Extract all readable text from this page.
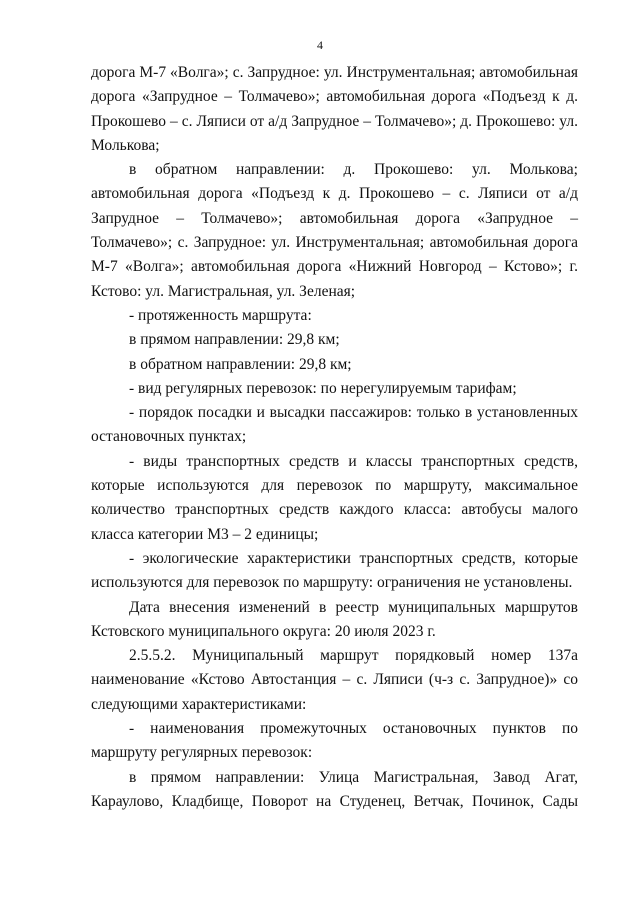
4

дорога М-7 «Волга»; с. Запрудное: ул. Инструментальная; автомобильная дорога «Запрудное – Толмачево»; автомобильная дорога «Подъезд к д. Прокошево – с. Ляписи от а/д Запрудное – Толмачево»; д. Прокошево: ул. Молькова;

в обратном направлении: д. Прокошево: ул. Молькова; автомобильная дорога «Подъезд к д. Прокошево – с. Ляписи от а/д Запрудное – Толмачево»; автомобильная дорога «Запрудное – Толмачево»; с. Запрудное: ул. Инструментальная; автомобильная дорога М-7 «Волга»; автомобильная дорога «Нижний Новгород – Кстово»; г. Кстово: ул. Магистральная, ул. Зеленая;

- протяженность маршрута:

в прямом направлении: 29,8 км;

в обратном направлении: 29,8 км;

- вид регулярных перевозок: по нерегулируемым тарифам;

- порядок посадки и высадки пассажиров: только в установленных остановочных пунктах;

- виды транспортных средств и классы транспортных средств, которые используются для перевозок по маршруту, максимальное количество транспортных средств каждого класса: автобусы малого класса категории М3 – 2 единицы;

- экологические характеристики транспортных средств, которые используются для перевозок по маршруту: ограничения не установлены.

Дата внесения изменений в реестр муниципальных маршрутов Кстовского муниципального округа: 20 июля 2023 г.

2.5.5.2. Муниципальный маршрут порядковый номер 137а наименование «Кстово Автостанция – с. Ляписи (ч-з с. Запрудное)» со следующими характеристиками:

- наименования промежуточных остановочных пунктов по маршруту регулярных перевозок:

в прямом направлении: Улица Магистральная, Завод Агат, Караулово, Кладбище, Поворот на Студенец, Ветчак, Починок, Сады
